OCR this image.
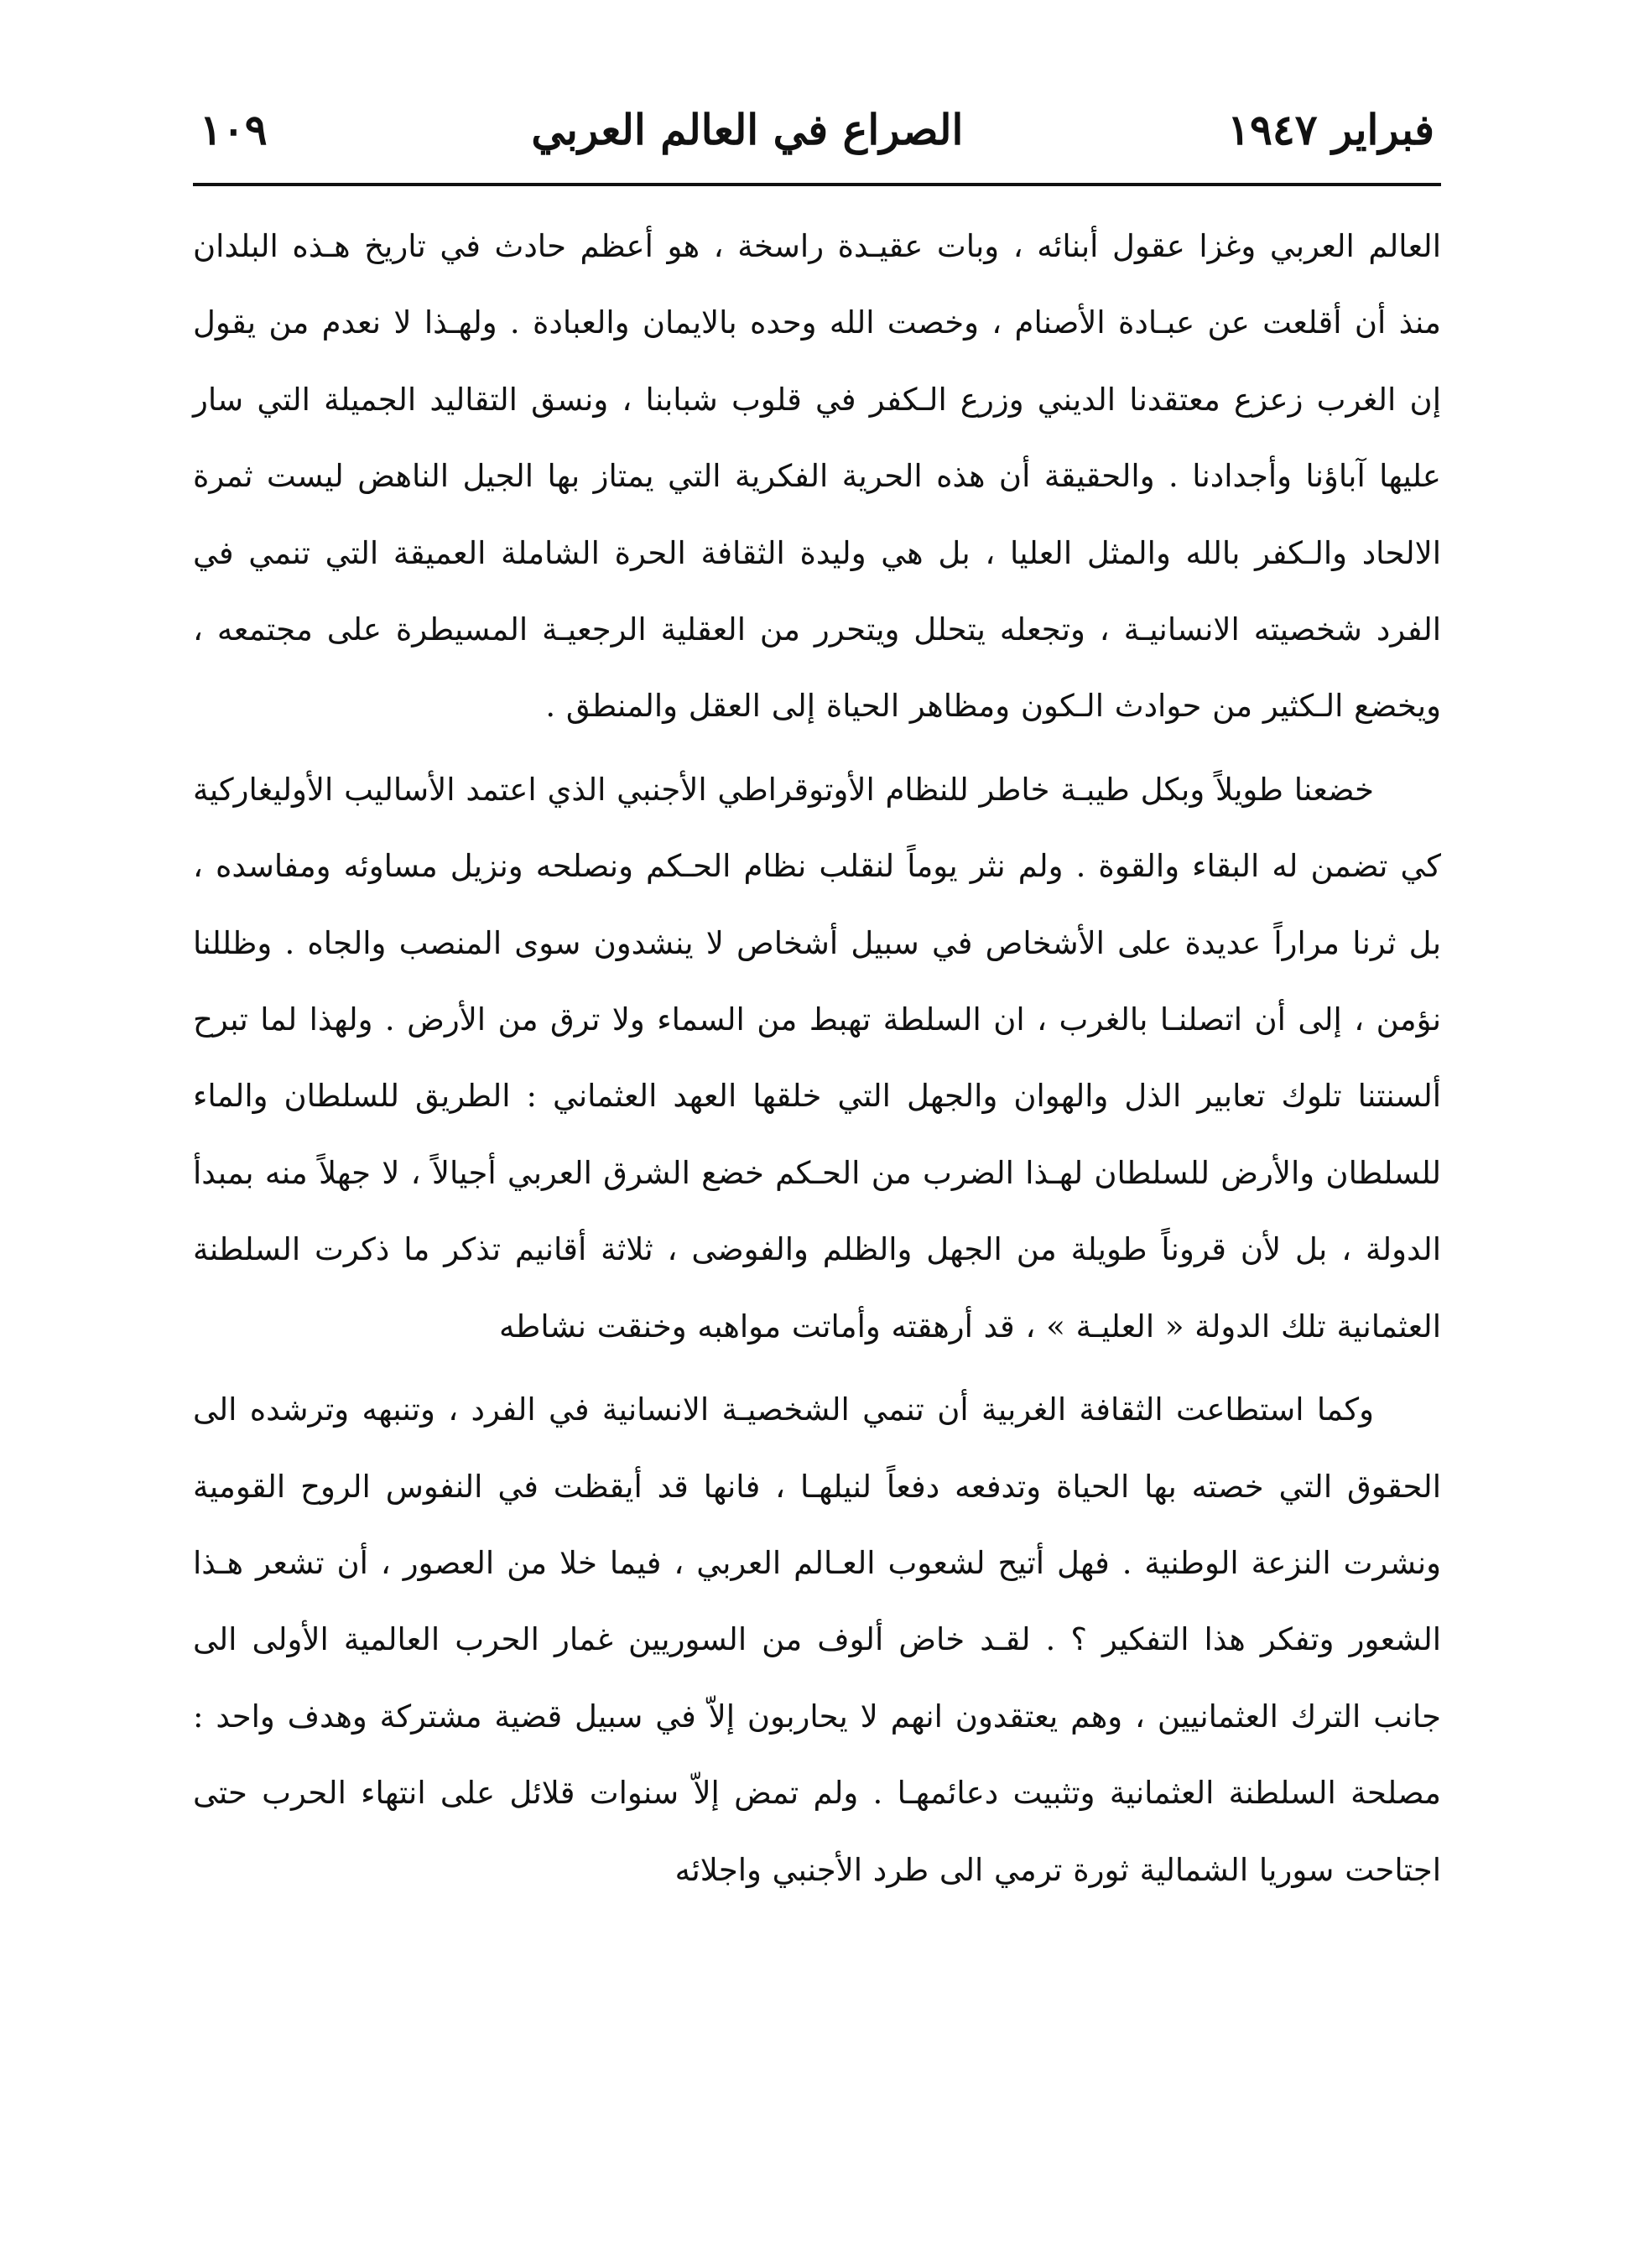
فبراير ١٩٤٧
الصراع في العالم العربي
١٠٩

العالم العربي وغزا عقول أبنائه ، وبات عقيـدة راسخة ، هو أعظم حادث في تاريخ هـذه البلدان منذ أن أقلعت عن عبـادة الأصنام ، وخصت الله وحده بالايمان والعبادة . ولهـذا لا نعدم من يقول إن الغرب زعزع معتقدنا الديني وزرع الـكفر في قلوب شبابنا ، ونسق التقاليد الجميلة التي سار عليها آباؤنا وأجدادنا . والحقيقة أن هذه الحرية الفكرية التي يمتاز بها الجيل الناهض ليست ثمرة الالحاد والـكفر بالله والمثل العليا ، بل هي وليدة الثقافة الحرة الشاملة العميقة التي تنمي في الفرد شخصيته الانسانيـة ، وتجعله يتحلل ويتحرر من العقلية الرجعيـة المسيطرة على مجتمعه ، ويخضع الـكثير من حوادث الـكون ومظاهر الحياة إلى العقل والمنطق .

خضعنا طويلاً وبكل طيبـة خاطر للنظام الأوتوقراطي الأجنبي الذي اعتمد الأساليب الأوليغاركية كي تضمن له البقاء والقوة . ولم نثر يوماً لنقلب نظام الحـكم ونصلحه ونزيل مساوئه ومفاسده ، بل ثرنا مراراً عديدة على الأشخاص في سبيل أشخاص لا ينشدون سوى المنصب والجاه . وظللنا نؤمن ، إلى أن اتصلنـا بالغرب ، ان السلطة تهبط من السماء ولا ترق من الأرض . ولهذا لما تبرح ألسنتنا تلوك تعابير الذل والهوان والجهل التي خلقها العهد العثماني : الطريق للسلطان والماء للسلطان والأرض للسلطان لهـذا الضرب من الحـكم خضع الشرق العربي أجيالاً ، لا جهلاً منه بمبدأ الدولة ، بل لأن قروناً طويلة من الجهل والظلم والفوضى ، ثلاثة أقانيم تذكر ما ذكرت السلطنة العثمانية تلك الدولة « العليـة » ، قد أرهقته وأماتت مواهبه وخنقت نشاطه

وكما استطاعت الثقافة الغربية أن تنمي الشخصيـة الانسانية في الفرد ، وتنبهه وترشده الى الحقوق التي خصته بها الحياة وتدفعه دفعاً لنيلهـا ، فانها قد أيقظت في النفوس الروح القومية ونشرت النزعة الوطنية . فهل أتيح لشعوب العـالم العربي ، فيما خلا من العصور ، أن تشعر هـذا الشعور وتفكر هذا التفكير ؟ . لقـد خاض ألوف من السوريين غمار الحرب العالمية الأولى الى جانب الترك العثمانيين ، وهم يعتقدون انهم لا يحاربون إلاّ في سبيل قضية مشتركة وهدف واحد : مصلحة السلطنة العثمانية وتثبيت دعائمهـا . ولم تمض إلاّ سنوات قلائل على انتهاء الحرب حتى اجتاحت سوريا الشمالية ثورة ترمي الى طرد الأجنبي واجلائه
